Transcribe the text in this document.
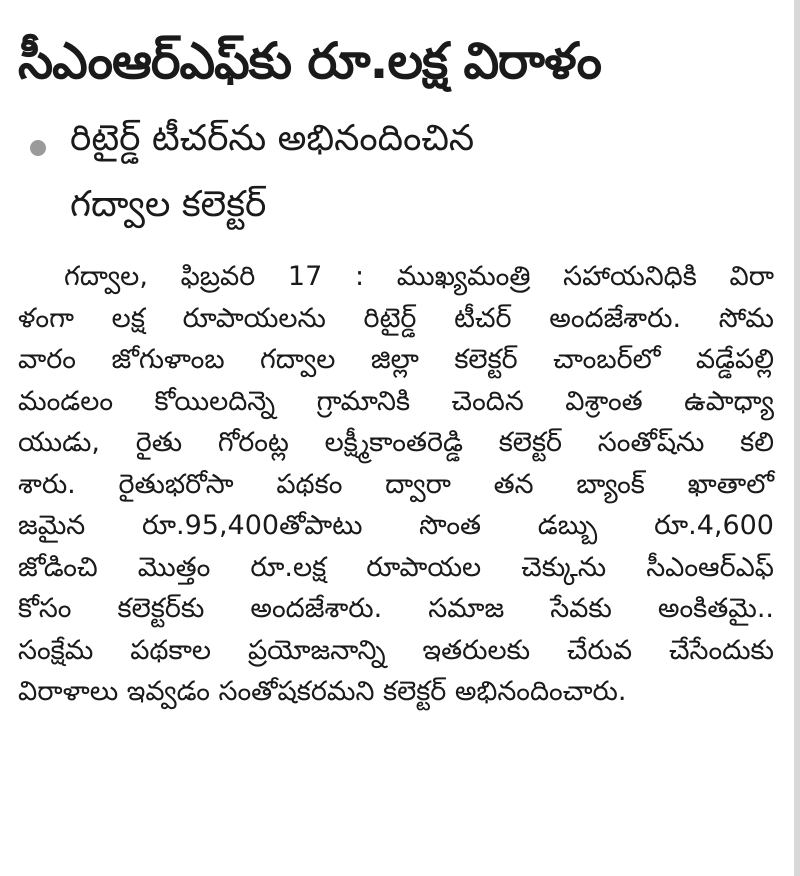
సీఎంఆర్‌ఎఫ్‌కు రూ.లక్ష విరాళం
రిటైర్డ్‌ టీచర్‌ను అభినందించిన
గద్వాల కలెక్టర్‌
గద్వాల, ఫిబ్రవరి 17 : ముఖ్యమంత్రి సహాయనిధికి విరా
ళంగా లక్ష రూపాయలను రిటైర్డ్‌ టీచర్‌ అందజేశారు. సోమ
వారం జోగుళాంబ గద్వాల జిల్లా కలెక్టర్‌ చాంబర్‌లో వడ్డేపల్లి
మండలం కోయిలదిన్నె గ్రామానికి చెందిన విశ్రాంత ఉపాధ్యా
యుడు, రైతు గోరంట్ల లక్ష్మీకాంతరెడ్డి కలెక్టర్‌ సంతోష్‌ను కలి
శారు. రైతుభరోసా పథకం ద్వారా తన బ్యాంక్‌ ఖాతాలో
జమైన రూ.95,400తోపాటు సొంత డబ్బు రూ.4,600
జోడించి మొత్తం రూ.లక్ష రూపాయల చెక్కును సీఎంఆర్‌ఎఫ్‌
కోసం కలెక్టర్‌కు అందజేశారు. సమాజ సేవకు అంకితమై..
సంక్షేమ పథకాల ప్రయోజనాన్ని ఇతరులకు చేరువ చేసేందుకు
విరాళాలు ఇవ్వడం సంతోషకరమని కలెక్టర్‌ అభినందించారు.
